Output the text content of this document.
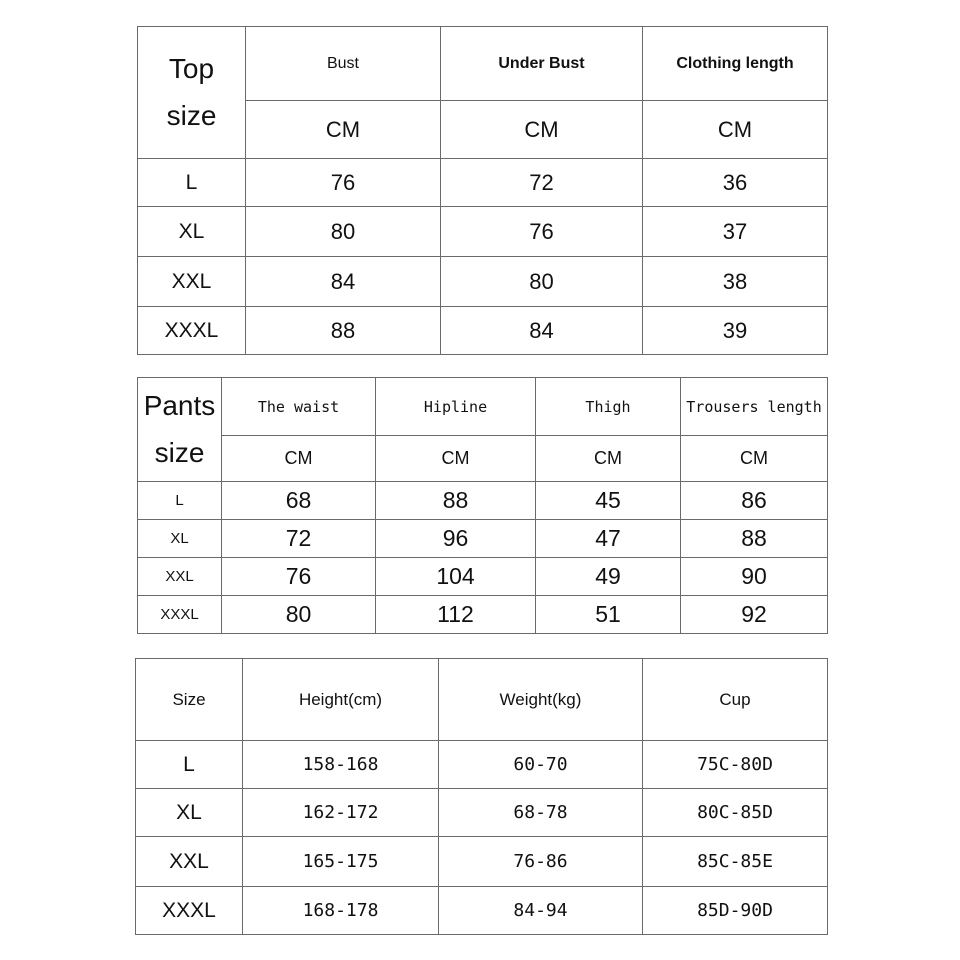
Top
size	Bust	Under Bust	Clothing length
	CM	CM	CM
L	76	72	36
XL	80	76	37
XXL	84	80	38
XXXL	88	84	39
Pants
size	The waist	Hipline	Thigh	Trousers length
	CM	CM	CM	CM
L	68	88	45	86
XL	72	96	47	88
XXL	76	104	49	90
XXXL	80	112	51	92
Size	Height(cm)	Weight(kg)	Cup
L	158-168	60-70	75C-80D
XL	162-172	68-78	80C-85D
XXL	165-175	76-86	85C-85E
XXXL	168-178	84-94	85D-90D
